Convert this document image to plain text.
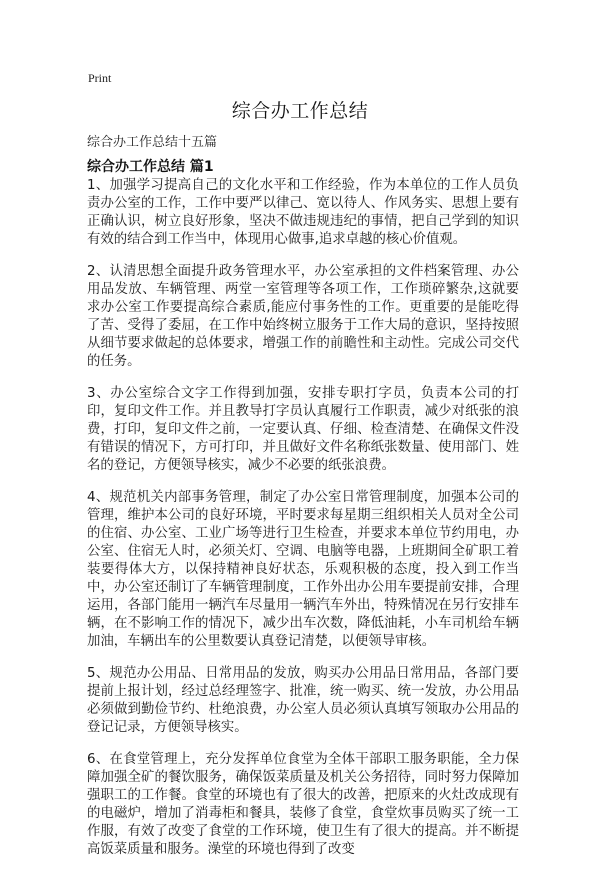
Print
综合办工作总结
综合办工作总结十五篇
综合办工作总结 篇1

1、加强学习提高自己的文化水平和工作经验，作为本单位的工作人员负责办公室的工作，工作中要严以律己、宽以待人、作风务实、思想上要有正确认识，树立良好形象，坚决不做违规违纪的事情，把自己学到的知识有效的结合到工作当中，体现用心做事,追求卓越的核心价值观。

2、认清思想全面提升政务管理水平，办公室承担的文件档案管理、办公用品发放、车辆管理、两堂一室管理等各项工作，工作琐碎繁杂,这就要求办公室工作要提高综合素质,能应付事务性的工作。更重要的是能吃得了苦、受得了委屈，在工作中始终树立服务于工作大局的意识，坚持按照从细节要求做起的总体要求，增强工作的前瞻性和主动性。完成公司交代的任务。

3、办公室综合文字工作得到加强，安排专职打字员，负责本公司的打印，复印文件工作。并且教导打字员认真履行工作职责，减少对纸张的浪费，打印，复印文件之前，一定要认真、仔细、检查清楚、在确保文件没有错误的情况下，方可打印，并且做好文件名称纸张数量、使用部门、姓名的登记，方便领导核实，减少不必要的纸张浪费。

4、规范机关内部事务管理，制定了办公室日常管理制度，加强本公司的管理，维护本公司的良好环境，平时要求每星期三组织相关人员对全公司的住宿、办公室、工业广场等进行卫生检查，并要求本单位节约用电，办公室、住宿无人时，必须关灯、空调、电脑等电器，上班期间全矿职工着装要得体大方，以保持精神良好状态，乐观积极的态度，投入到工作当中，办公室还制订了车辆管理制度，工作外出办公用车要提前安排，合理运用，各部门能用一辆汽车尽量用一辆汽车外出，特殊情况在另行安排车辆，在不影响工作的情况下，减少出车次数，降低油耗，小车司机给车辆加油，车辆出车的公里数要认真登记清楚，以便领导审核。

5、规范办公用品、日常用品的发放，购买办公用品日常用品，各部门要提前上报计划，经过总经理签字、批准，统一购买、统一发放，办公用品必须做到勤俭节约、杜绝浪费，办公室人员必须认真填写领取办公用品的登记记录，方便领导核实。

6、在食堂管理上，充分发挥单位食堂为全体干部职工服务职能，全力保障加强全矿的餐饮服务，确保饭菜质量及机关公务招待，同时努力保障加强职工的工作餐。食堂的环境也有了很大的改善，把原来的火灶改成现有的电磁炉，增加了消毒柜和餐具，装修了食堂，食堂炊事员购买了统一工作服，有效了改变了食堂的工作环境，使卫生有了很大的提高。并不断提高饭菜质量和服务。澡堂的环境也得到了改变
